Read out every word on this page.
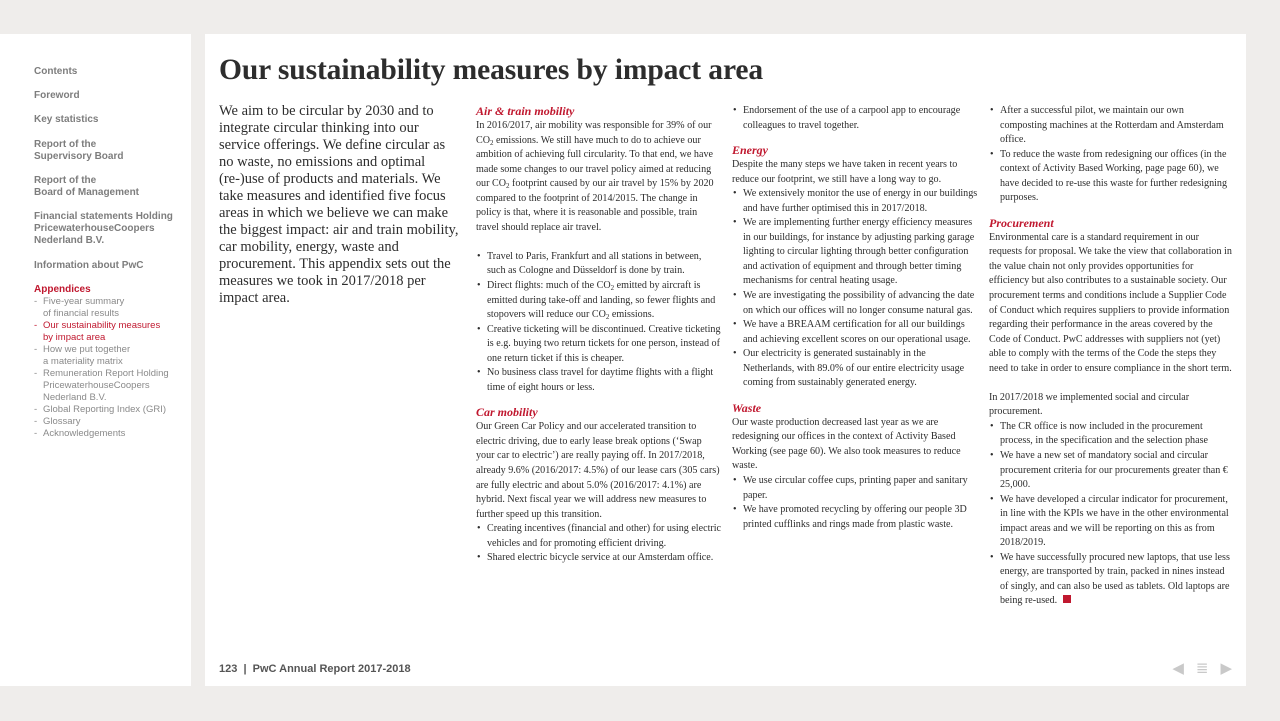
Contents
Foreword
Key statistics
Report of the
Supervisory Board
Report of the
Board of Management
Financial statements Holding
PricewaterhouseCoopers
Nederland B.V.
Information about PwC
Appendices
- Five-year summary
of financial results
- Our sustainability measures
by impact area
- How we put together
a materiality matrix
- Remuneration Report Holding
PricewaterhouseCoopers
Nederland B.V.
- Global Reporting Index (GRI)
- Glossary
- Acknowledgements
Our sustainability measures by impact area

We aim to be circular by 2030 and to integrate circular thinking into our service offerings. We define circular as no waste, no emissions and optimal (re-)use of products and materials. We take measures and identified five focus areas in which we believe we can make the biggest impact: air and train mobility, car mobility, energy, waste and procurement. This appendix sets out the measures we took in 2017/2018 per impact area.

Air & train mobility

In 2016/2017, air mobility was responsible for 39% of our $CO_2$ emissions. We still have much to do to achieve our ambition of achieving full circularity. To that end, we have made some changes to our travel policy aimed at reducing our $CO_2$ footprint caused by our air travel by 15% by 2020 compared to the footprint of 2014/2015. The change in policy is that, where it is reasonable and possible, train travel should replace air travel.

• Travel to Paris, Frankfurt and all stations in between, such as Cologne and Düsseldorf is done by train.
• Direct flights: much of the $CO_2$ emitted by aircraft is emitted during take-off and landing, so fewer flights and stopovers will reduce our $CO_2$ emissions.
• Creative ticketing will be discontinued. Creative ticketing is e.g. buying two return tickets for one person, instead of one return ticket if this is cheaper.
• No business class travel for daytime flights with a flight time of eight hours or less.
Car mobility

Our Green Car Policy and our accelerated transition to electric driving, due to early lease break options (‘Swap your car to electric’) are really paying off. In 2017/2018, already 9.6% (2016/2017: 4.5%) of our lease cars (305 cars) are fully electric and about 5.0% (2016/2017: 4.1%) are hybrid. Next fiscal year we will address new measures to further speed up this transition.

• Creating incentives (financial and other) for using electric vehicles and for promoting efficient driving.
• Shared electric bicycle service at our Amsterdam office.
• Endorsement of the use of a carpool app to encourage colleagues to travel together.
Energy

Despite the many steps we have taken in recent years to reduce our footprint, we still have a long way to go.

• We extensively monitor the use of energy in our buildings and have further optimised this in 2017/2018.
• We are implementing further energy efficiency measures in our buildings, for instance by adjusting parking garage lighting to circular lighting through better configuration and activation of equipment and through better timing mechanisms for central heating usage.
• We are investigating the possibility of advancing the date on which our offices will no longer consume natural gas.
• We have a BREAAM certification for all our buildings and achieving excellent scores on our operational usage.
• Our electricity is generated sustainably in the Netherlands, with 89.0% of our entire electricity usage coming from sustainably generated energy.
Waste

Our waste production decreased last year as we are redesigning our offices in the context of Activity Based Working (see page 60). We also took measures to reduce waste.

• We use circular coffee cups, printing paper and sanitary paper.
• We have promoted recycling by offering our people 3D printed cufflinks and rings made from plastic waste.
• After a successful pilot, we maintain our own composting machines at the Rotterdam and Amsterdam office.
• To reduce the waste from redesigning our offices (in the context of Activity Based Working, page page 60), we have decided to re-use this waste for further redesigning purposes.
Procurement

Environmental care is a standard requirement in our requests for proposal. We take the view that collaboration in the value chain not only provides opportunities for efficiency but also contributes to a sustainable society. Our procurement terms and conditions include a Supplier Code of Conduct which requires suppliers to provide information regarding their performance in the areas covered by the Code of Conduct. PwC addresses with suppliers not (yet) able to comply with the terms of the Code the steps they need to take in order to ensure compliance in the short term.

In 2017/2018 we implemented social and circular procurement.

• The CR office is now included in the procurement process, in the specification and the selection phase
• We have a new set of mandatory social and circular procurement criteria for our procurements greater than € 25,000.
• We have developed a circular indicator for procurement, in line with the KPIs we have in the other environmental impact areas and we will be reporting on this as from 2018/2019.
• We have successfully procured new laptops, that use less energy, are transported by train, packed in nines instead of singly, and can also be used as tablets. Old laptops are being re-used.
123  |  PwC Annual Report 2017-2018	◀ ≣ ▶
